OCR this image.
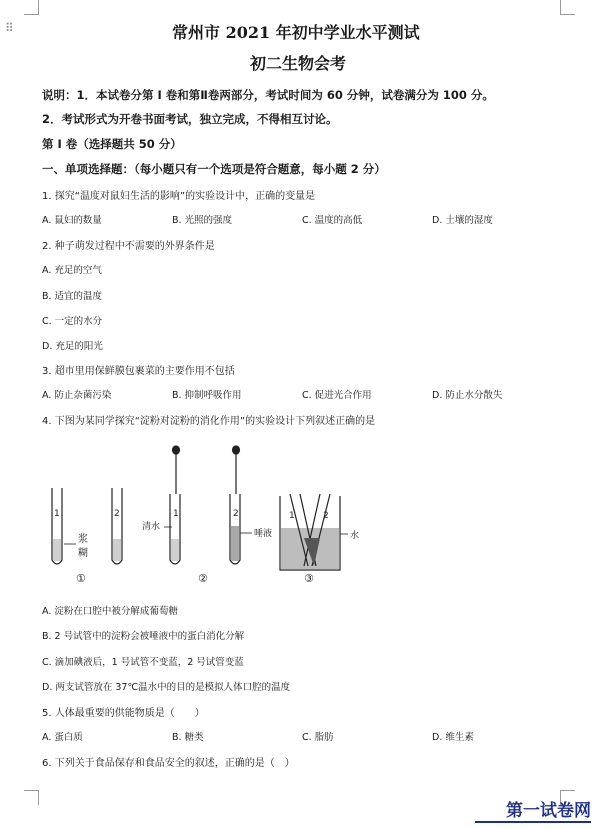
⠿	常州市 2021 年初中学业水平测试
初二生物会考
说明：1．本试卷分第 I 卷和第Ⅱ卷两部分，考试时间为 60 分钟，试卷满分为 100 分。
2．考试形式为开卷书面考试，独立完成，不得相互讨论。
第 I 卷（选择题共 50 分）
一、单项选择题：（每小题只有一个选项是符合题意，每小题 2 分）
1. 探究“温度对鼠妇生活的影响”的实验设计中，正确的变量是
A. 鼠妇的数量	B. 光照的强度	C. 温度的高低	D. 土壤的湿度
2. 种子萌发过程中不需要的外界条件是
A. 充足的空气
B. 适宜的温度
C. 一定的水分
D. 充足的阳光
3. 超市里用保鲜膜包裹菜的主要作用不包括
A. 防止杂菌污染	B. 抑制呼吸作用	C. 促进光合作用	D. 防止水分散失
4. 下图为某同学探究“淀粉对淀粉的消化作用”的实验设计下列叙述正确的是
1	2
浆
糊
清水
1	2
唾液
1	2
水
①	②	③
A. 淀粉在口腔中被分解成葡萄糖
B. 2 号试管中的淀粉会被唾液中的蛋白消化分解
C. 滴加碘液后，1 号试管不变蓝，2 号试管变蓝
D. 两支试管放在 37℃温水中的目的是模拟人体口腔的温度
5. 人体最重要的供能物质是（　　）
A. 蛋白质	B. 糖类	C. 脂肪	D. 维生素
6. 下列关于食品保存和食品安全的叙述，正确的是（　）
第一试卷网
